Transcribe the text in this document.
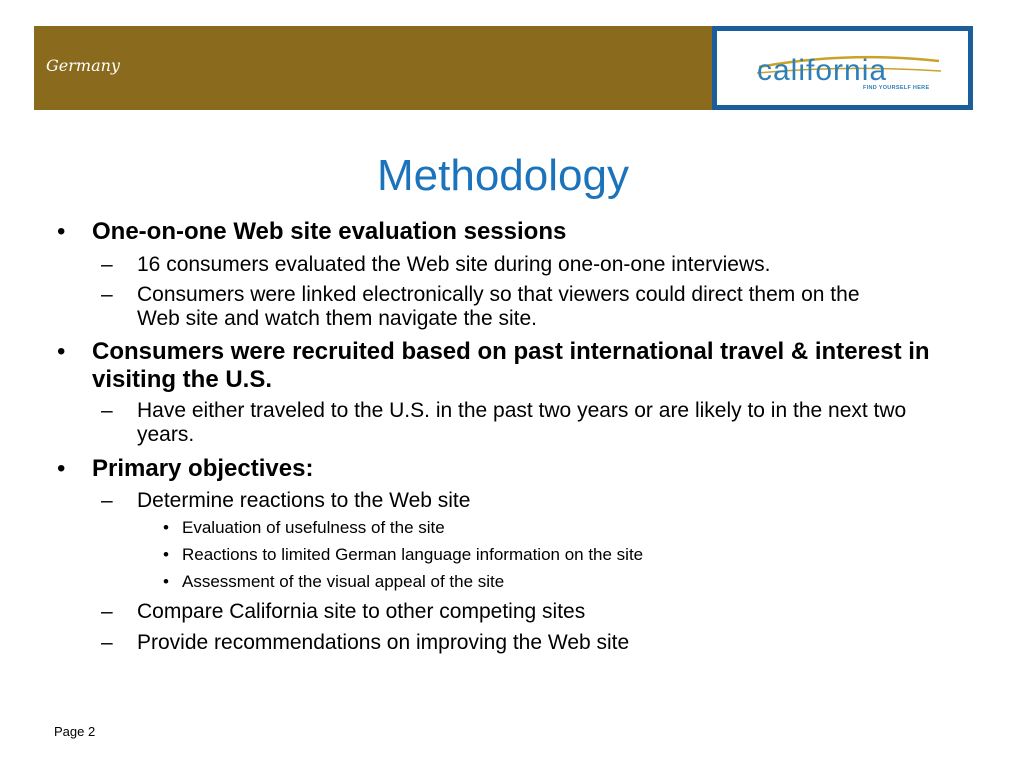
Germany	california
FIND YOURSELF HERE
Methodology
• One-on-one Web site evaluation sessions
– 16 consumers evaluated the Web site during one-on-one interviews.
– Consumers were linked electronically so that viewers could direct them on the Web site and watch them navigate the site.
• Consumers were recruited based on past international travel & interest in visiting the U.S.
– Have either traveled to the U.S. in the past two years or are likely to in the next two years.
• Primary objectives:
– Determine reactions to the Web site
• Evaluation of usefulness of the site
• Reactions to limited German language information on the site
• Assessment of the visual appeal of the site
– Compare California site to other competing sites
– Provide recommendations on improving the Web site
Page 2
